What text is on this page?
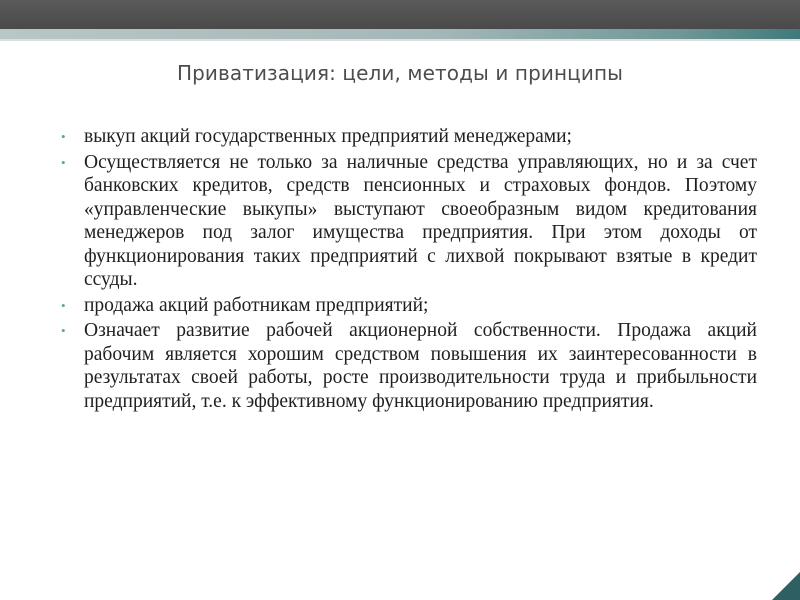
Приватизация: цели, методы и принципы
• выкуп акций государственных предприятий менеджерами;
• Осуществляется не только за наличные средства управляющих, но и за счет банковских кредитов, средств пенсионных и страховых фондов. Поэтому «управленческие выкупы» выступают своеобразным видом кредитования менеджеров под залог имущества предприятия. При этом доходы от функционирования таких предприятий с лихвой покрывают взятые в кредит ссуды.
• продажа акций работникам предприятий;
• Означает развитие рабочей акционерной собственности. Продажа акций рабочим является хорошим средством повышения их заинтересованности в результатах своей работы, росте производительности труда и прибыльности предприятий, т.е. к эффективному функционированию предприятия.
